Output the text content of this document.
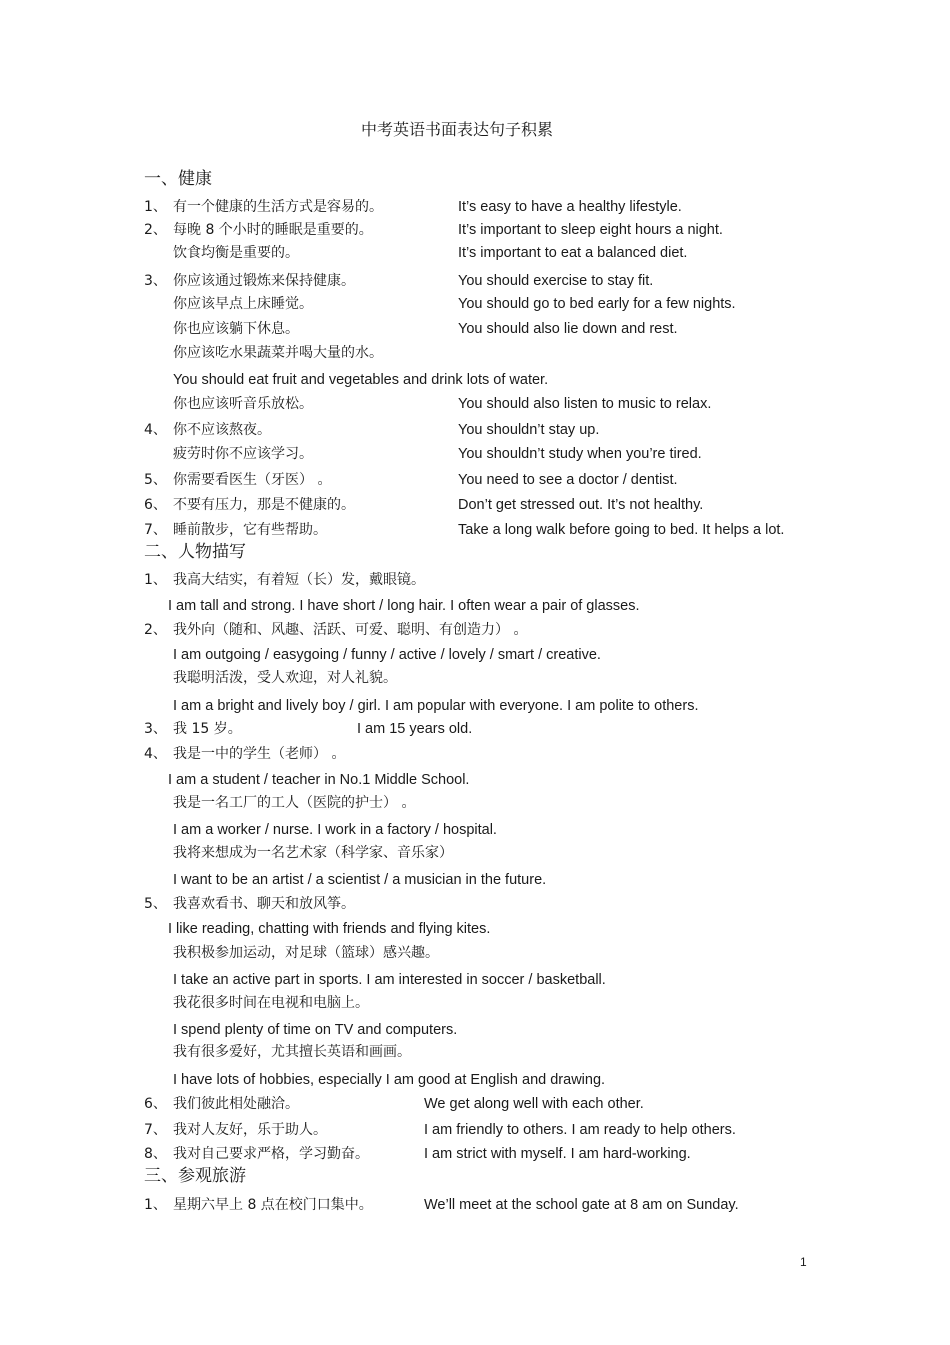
中考英语书面表达句子积累
一、健康
1、 有一个健康的生活方式是容易的。	It’s easy to have a healthy lifestyle.
2、 每晚 8 个小时的睡眠是重要的。	It’s important to sleep eight hours a night.
饮食均衡是重要的。	It’s important to eat a balanced diet.
3、 你应该通过锻炼来保持健康。	You should exercise to stay fit.
你应该早点上床睡觉。	You should go to bed early for a few nights.
你也应该躺下休息。	You should also lie down and rest.
你应该吃水果蔬菜并喝大量的水。
You should eat fruit and vegetables and drink lots of water.
你也应该听音乐放松。	You should also listen to music to relax.
4、 你不应该熬夜。	You shouldn’t stay up.
疲劳时你不应该学习。	You shouldn’t study when you’re tired.
5、 你需要看医生（牙医） 。	You need to see a doctor / dentist.
6、 不要有压力，那是不健康的。	Don’t get stressed out. It’s not healthy.
7、 睡前散步，它有些帮助。	Take a long walk before going to bed. It helps a lot.
二、人物描写
1、 我高大结实，有着短（长）发，戴眼镜。
I am tall and strong. I have short / long hair. I often wear a pair of glasses.
2、 我外向（随和、风趣、活跃、可爱、聪明、有创造力） 。
I am outgoing / easygoing / funny / active / lovely / smart / creative.
我聪明活泼，受人欢迎，对人礼貌。
I am a bright and lively boy / girl. I am popular with everyone. I am polite to others.
3、 我 15 岁。	I am 15 years old.
4、 我是一中的学生（老师） 。
I am a student / teacher in No.1 Middle School.
我是一名工厂的工人（医院的护士） 。
I am a worker / nurse. I work in a factory / hospital.
我将来想成为一名艺术家（科学家、音乐家）
I want to be an artist / a scientist / a musician in the future.
5、 我喜欢看书、聊天和放风筝。
I like reading, chatting with friends and flying kites.
我积极参加运动，对足球（篮球）感兴趣。
I take an active part in sports. I am interested in soccer / basketball.
我花很多时间在电视和电脑上。
I spend plenty of time on TV and computers.
我有很多爱好，尤其擅长英语和画画。
I have lots of hobbies, especially I am good at English and drawing.
6、 我们彼此相处融洽。	We get along well with each other.
7、 我对人友好，乐于助人。	I am friendly to others. I am ready to help others.
8、 我对自己要求严格，学习勤奋。	I am strict with myself. I am hard-working.
三、参观旅游
1、 星期六早上 8 点在校门口集中。	We’ll meet at the school gate at 8 am on Sunday.
1
